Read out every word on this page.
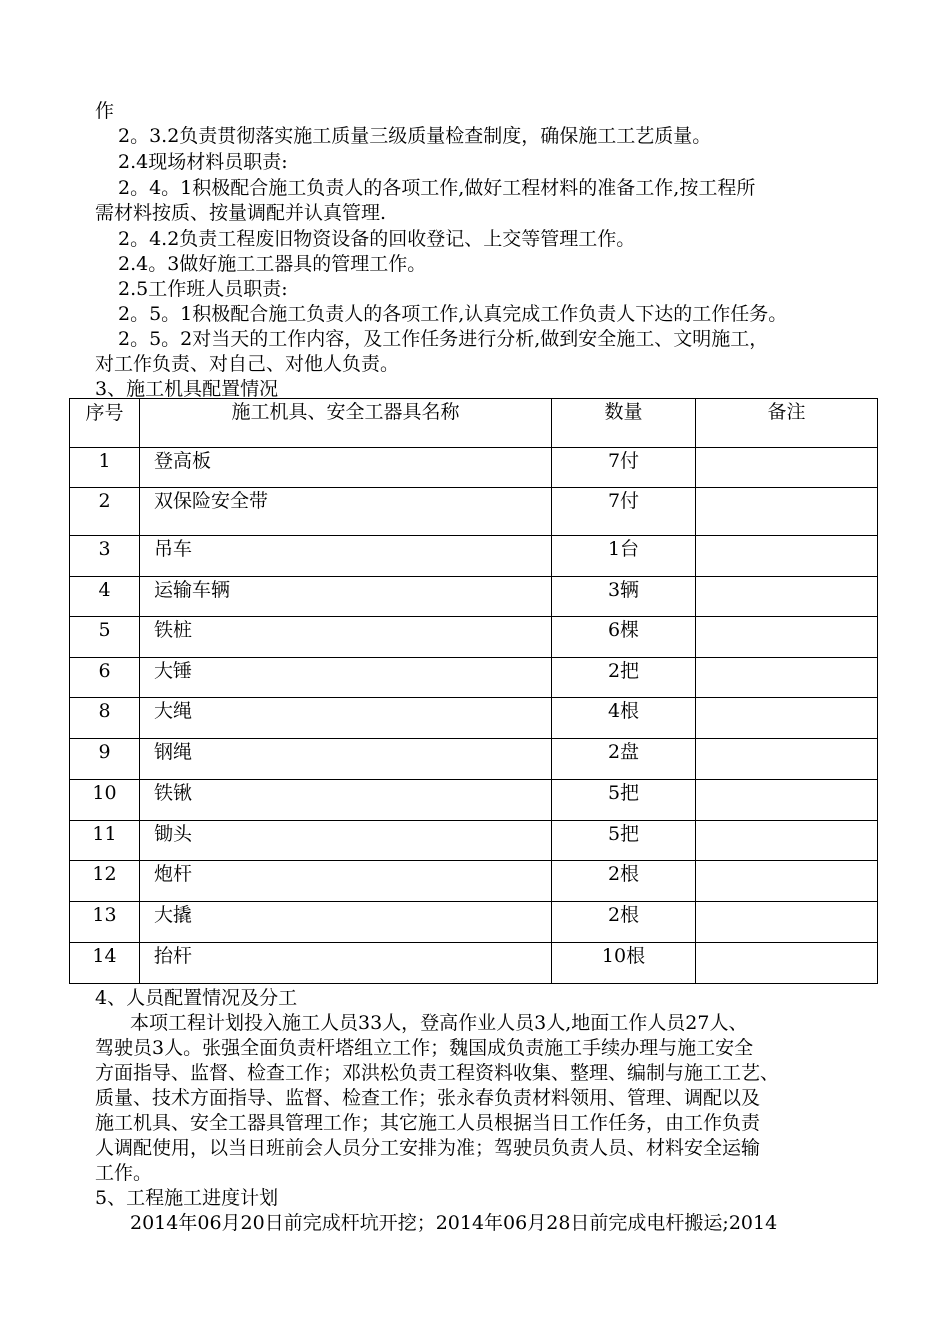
作
2。3.2负责贯彻落实施工质量三级质量检查制度，确保施工工艺质量。
2.4现场材料员职责:
2。4。1积极配合施工负责人的各项工作,做好工程材料的准备工作,按工程所
需材料按质、按量调配并认真管理.
2。4.2负责工程废旧物资设备的回收登记、上交等管理工作。
2.4。3做好施工工器具的管理工作。
2.5工作班人员职责:
2。5。1积极配合施工负责人的各项工作,认真完成工作负责人下达的工作任务。
2。5。2对当天的工作内容，及工作任务进行分析,做到安全施工、文明施工，
对工作负责、对自己、对他人负责。
3、施工机具配置情况
序号	施工机具、安全工器具名称	数量	备注
1	登高板	7付	
2	双保险安全带	7付	
3	吊车	1台	
4	运输车辆	3辆	
5	铁桩	6棵	
6	大锤	2把	
8	大绳	4根	
9	钢绳	2盘	
10	铁锹	5把	
11	锄头	5把	
12	炮杆	2根	
13	大撬	2根	
14	抬杆	10根	
4、人员配置情况及分工
本项工程计划投入施工人员33人，登高作业人员3人,地面工作人员27人、
驾驶员3人。张强全面负责杆塔组立工作；魏国成负责施工手续办理与施工安全
方面指导、监督、检查工作；邓洪松负责工程资料收集、整理、编制与施工工艺、
质量、技术方面指导、监督、检查工作；张永春负责材料领用、管理、调配以及
施工机具、安全工器具管理工作；其它施工人员根据当日工作任务，由工作负责
人调配使用，以当日班前会人员分工安排为准；驾驶员负责人员、材料安全运输
工作。
5、工程施工进度计划
2014年06月20日前完成杆坑开挖；2014年06月28日前完成电杆搬运;2014
